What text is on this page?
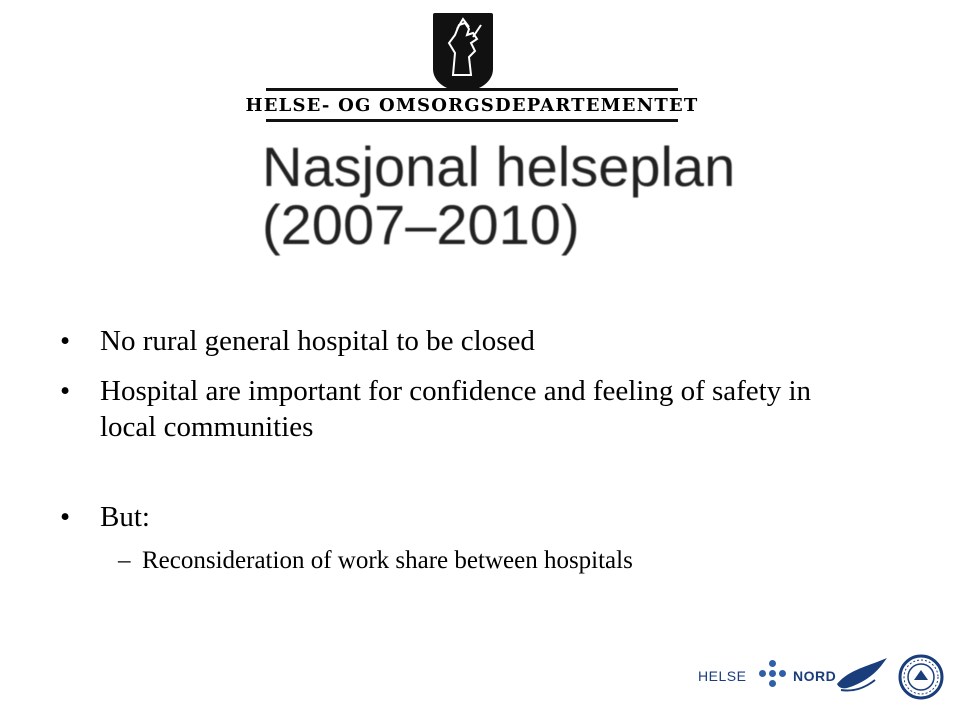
HELSE- OG OMSORGSDEPARTEMENTET
Nasjonal helseplan
(2007–2010)
•	No rural general hospital to be closed
•	Hospital are important for confidence and feeling of safety in local communities
•	But:
– Reconsideration of work share between hospitals
HELSE	NORD
